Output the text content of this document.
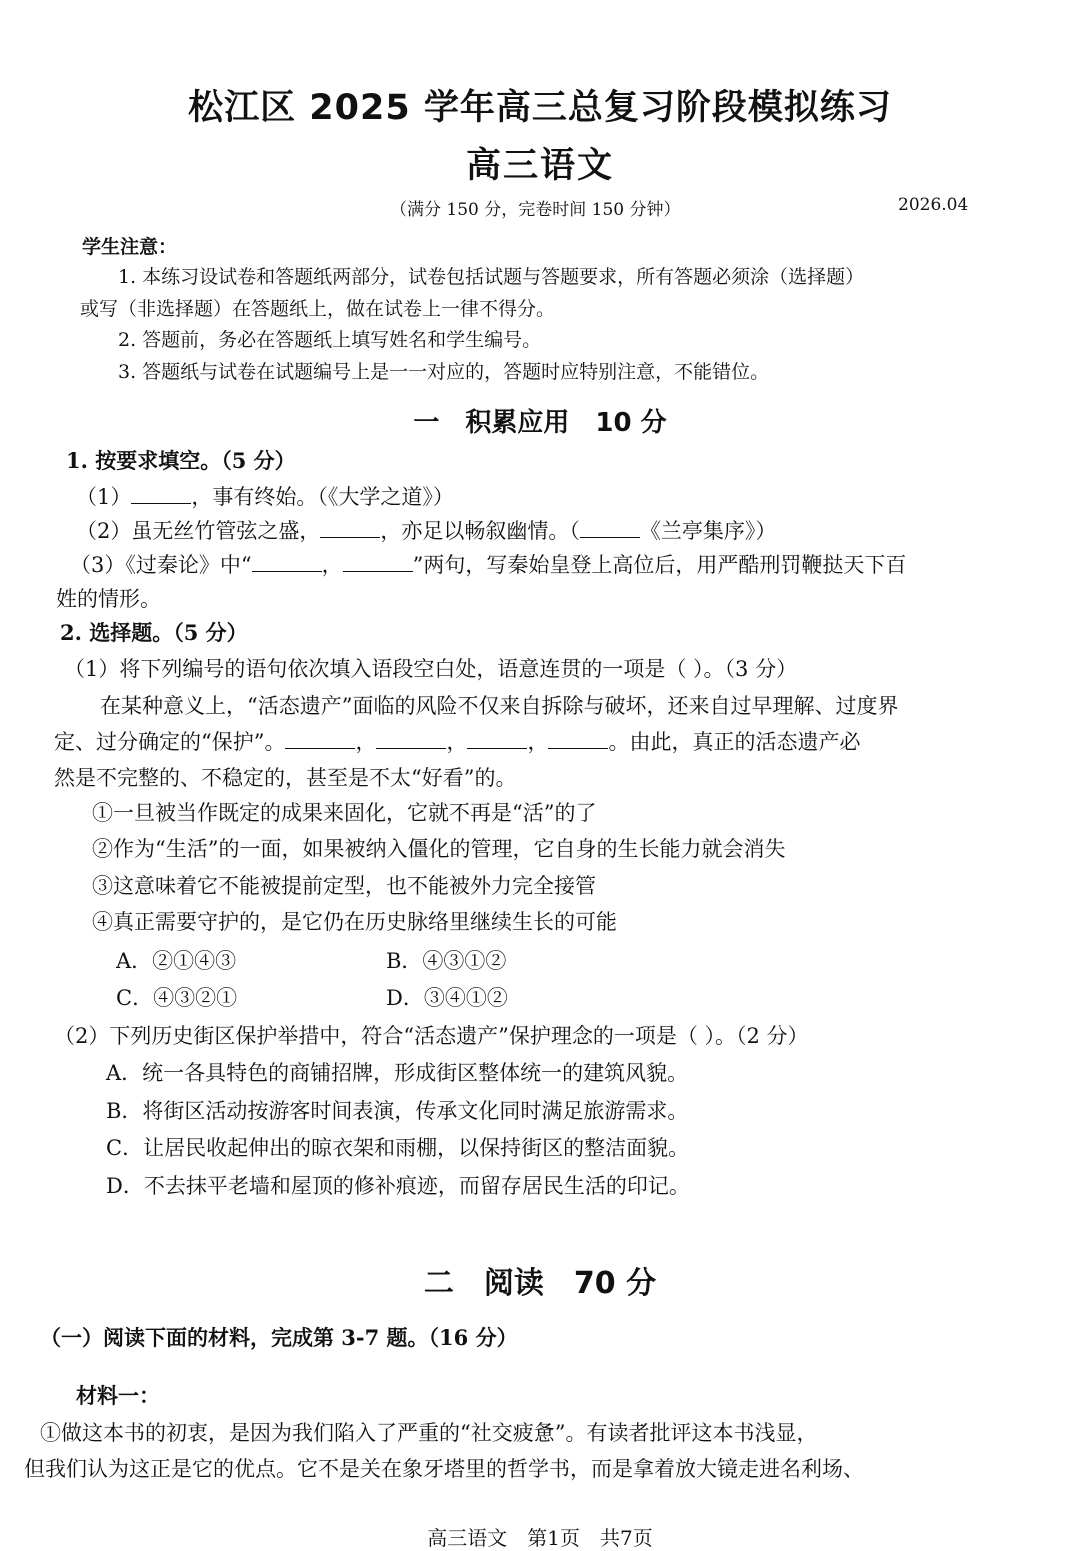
松江区 2025 学年高三总复习阶段模拟练习
高三语文
（满分 150 分，完卷时间 150 分钟）	2026.04
学生注意：
1. 本练习设试卷和答题纸两部分，试卷包括试题与答题要求，所有答题必须涂（选择题）
或写（非选择题）在答题纸上，做在试卷上一律不得分。
2. 答题前，务必在答题纸上填写姓名和学生编号。
3. 答题纸与试卷在试题编号上是一一对应的，答题时应特别注意，不能错位。
一　积累应用　10 分
1. 按要求填空。（5 分）
（1）	，事有终始。（《大学之道》）
（2）虽无丝竹管弦之盛，	，亦足以畅叙幽情。（	《兰亭集序》）
（3）《过秦论》中“	，	”两句，写秦始皇登上高位后，用严酷刑罚鞭挞天下百
姓的情形。
2. 选择题。（5 分）
（1）将下列编号的语句依次填入语段空白处，语意连贯的一项是（ ）。（3 分）
在某种意义上，“活态遗产”面临的风险不仅来自拆除与破坏，还来自过早理解、过度界
定、过分确定的“保护”。	，	，	，	。由此，真正的活态遗产必
然是不完整的、不稳定的，甚至是不太“好看”的。
①一旦被当作既定的成果来固化，它就不再是“活”的了
②作为“生活”的一面，如果被纳入僵化的管理，它自身的生长能力就会消失
③这意味着它不能被提前定型，也不能被外力完全接管
④真正需要守护的，是它仍在历史脉络里继续生长的可能
A．②①④③	B．④③①②
C．④③②①	D．③④①②
（2）下列历史街区保护举措中，符合“活态遗产”保护理念的一项是（ ）。（2 分）
A．统一各具特色的商铺招牌，形成街区整体统一的建筑风貌。
B．将街区活动按游客时间表演，传承文化同时满足旅游需求。
C．让居民收起伸出的晾衣架和雨棚，以保持街区的整洁面貌。
D．不去抹平老墙和屋顶的修补痕迹，而留存居民生活的印记。
二　阅读　70 分
（一）阅读下面的材料，完成第 3-7 题。（16 分）
材料一：
①做这本书的初衷，是因为我们陷入了严重的“社交疲惫”。有读者批评这本书浅显，
但我们认为这正是它的优点。它不是关在象牙塔里的哲学书，而是拿着放大镜走进名利场、
高三语文　第1页　共7页
